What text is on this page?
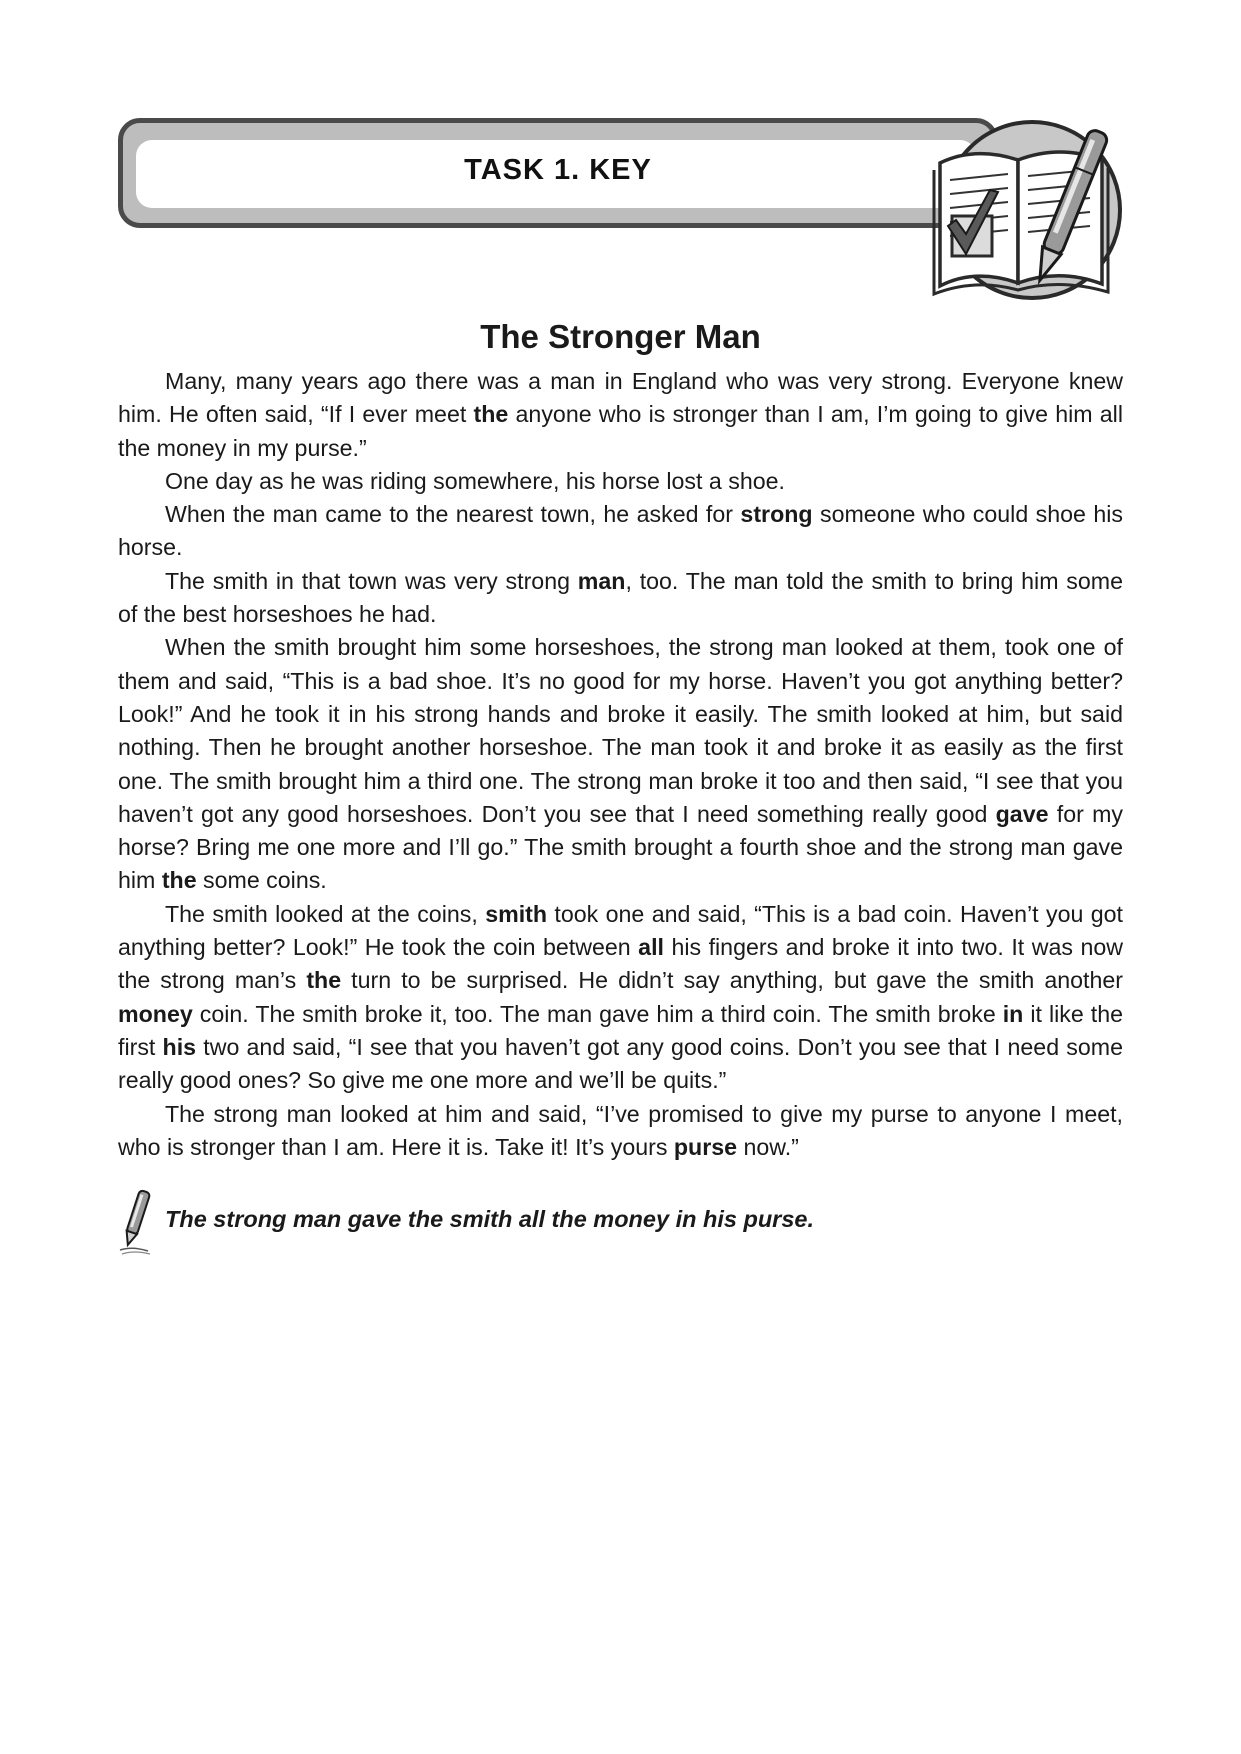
TASK 1. KEY
The Stronger Man

Many, many years ago there was a man in England who was very strong. Everyone knew him. He often said, “If I ever meet the anyone who is stronger than I am, I’m going to give him all the money in my purse.”

One day as he was riding somewhere, his horse lost a shoe.

When the man came to the nearest town, he asked for strong someone who could shoe his horse.

The smith in that town was very strong man, too. The man told the smith to bring him some of the best horseshoes he had.

When the smith brought him some horseshoes, the strong man looked at them, took one of them and said, “This is a bad shoe. It’s no good for my horse. Haven’t you got anything better? Look!” And he took it in his strong hands and broke it easily. The smith looked at him, but said nothing. Then he brought another horseshoe. The man took it and broke it as easily as the first one. The smith brought him a third one. The strong man broke it too and then said, “I see that you haven’t got any good horseshoes. Don’t you see that I need something really good gave for my horse? Bring me one more and I’ll go.” The smith brought a fourth shoe and the strong man gave him the some coins.

The smith looked at the coins, smith took one and said, “This is a bad coin. Haven’t you got anything better? Look!” He took the coin between all his fingers and broke it into two. It was now the strong man’s the turn to be surprised. He didn’t say anything, but gave the smith another money coin. The smith broke it, too. The man gave him a third coin. The smith broke in it like the first his two and said, “I see that you haven’t got any good coins. Don’t you see that I need some really good ones? So give me one more and we’ll be quits.”

The strong man looked at him and said, “I’ve promised to give my purse to anyone I meet, who is stronger than I am. Here it is. Take it! It’s yours purse now.”

The strong man gave the smith all the money in his purse.
